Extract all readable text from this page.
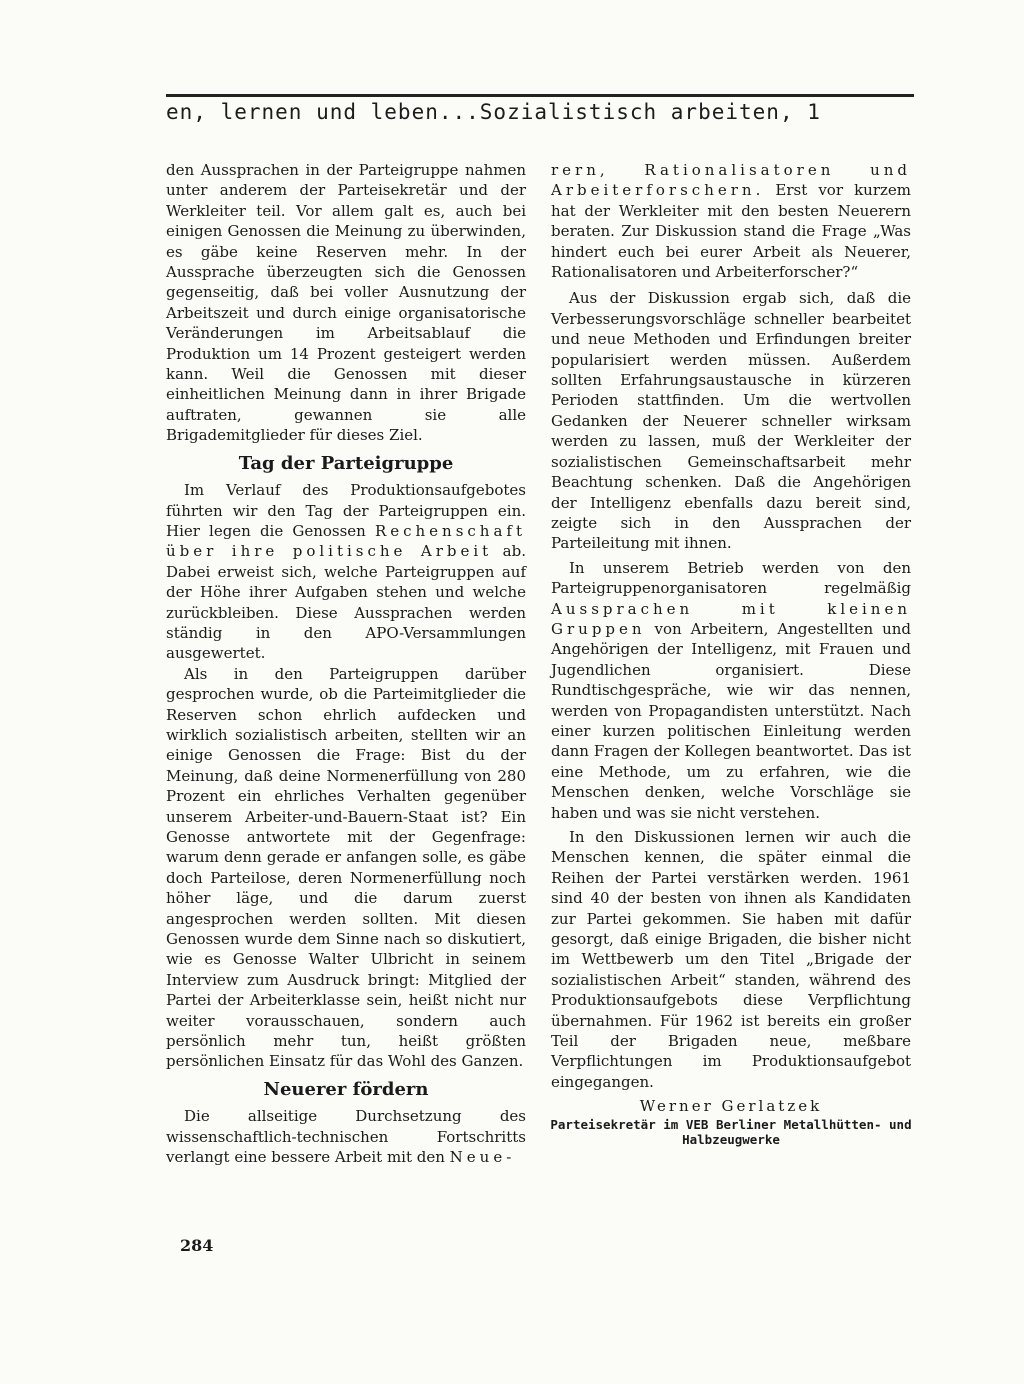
en, lernen und leben...Sozialistisch arbeiten, 1

den Aussprachen in der Parteigruppe nahmen unter anderem der Parteisekretär und der Werkleiter teil. Vor allem galt es, auch bei einigen Genossen die Meinung zu überwinden, es gäbe keine Reserven mehr. In der Aussprache überzeugten sich die Genossen gegenseitig, daß bei voller Ausnutzung der Arbeitszeit und durch einige organisatorische Veränderungen im Arbeitsablauf die Produktion um 14 Prozent gesteigert werden kann. Weil die Genossen mit dieser einheitlichen Meinung dann in ihrer Brigade auftraten, gewannen sie alle Brigademitglieder für dieses Ziel.

Tag der Parteigruppe

Im Verlauf des Produktionsaufgebotes führten wir den Tag der Parteigruppen ein. Hier legen die Genossen Rechenschaft über ihre politische Arbeit ab. Dabei erweist sich, welche Parteigruppen auf der Höhe ihrer Aufgaben stehen und welche zurückbleiben. Diese Aussprachen werden ständig in den APO-Versammlungen ausgewertet.

Als in den Parteigruppen darüber gesprochen wurde, ob die Parteimitglieder die Reserven schon ehrlich aufdecken und wirklich sozialistisch arbeiten, stellten wir an einige Genossen die Frage: Bist du der Meinung, daß deine Normenerfüllung von 280 Prozent ein ehrliches Verhalten gegenüber unserem Arbeiter-und-Bauern-Staat ist? Ein Genosse antwortete mit der Gegenfrage: warum denn gerade er anfangen solle, es gäbe doch Parteilose, deren Normenerfüllung noch höher läge, und die darum zuerst angesprochen werden sollten. Mit diesen Genossen wurde dem Sinne nach so diskutiert, wie es Genosse Walter Ulbricht in seinem Interview zum Ausdruck bringt: Mitglied der Partei der Arbeiterklasse sein, heißt nicht nur weiter vorausschauen, sondern auch persönlich mehr tun, heißt größten persönlichen Einsatz für das Wohl des Ganzen.

Neuerer fördern

Die allseitige Durchsetzung des wissenschaftlich-technischen Fortschritts verlangt eine bessere Arbeit mit den Neue-

rern, Rationalisatoren und Arbeiterforschern. Erst vor kurzem hat der Werkleiter mit den besten Neuerern beraten. Zur Diskussion stand die Frage „Was hindert euch bei eurer Arbeit als Neuerer, Rationalisatoren und Arbeiterforscher?“

Aus der Diskussion ergab sich, daß die Verbesserungsvorschläge schneller bearbeitet und neue Methoden und Erfindungen breiter popularisiert werden müssen. Außerdem sollten Erfahrungsaustausche in kürzeren Perioden stattfinden. Um die wertvollen Gedanken der Neuerer schneller wirksam werden zu lassen, muß der Werkleiter der sozialistischen Gemeinschaftsarbeit mehr Beachtung schenken. Daß die Angehörigen der Intelligenz ebenfalls dazu bereit sind, zeigte sich in den Aussprachen der Parteileitung mit ihnen.

In unserem Betrieb werden von den Parteigruppenorganisatoren regelmäßig Aussprachen mit kleinen Gruppen von Arbeitern, Angestellten und Angehörigen der Intelligenz, mit Frauen und Jugendlichen organisiert. Diese Rundtischgespräche, wie wir das nennen, werden von Propagandisten unterstützt. Nach einer kurzen politischen Einleitung werden dann Fragen der Kollegen beantwortet. Das ist eine Methode, um zu erfahren, wie die Menschen denken, welche Vorschläge sie haben und was sie nicht verstehen.

In den Diskussionen lernen wir auch die Menschen kennen, die später einmal die Reihen der Partei verstärken werden. 1961 sind 40 der besten von ihnen als Kandidaten zur Partei gekommen. Sie haben mit dafür gesorgt, daß einige Brigaden, die bisher nicht im Wettbewerb um den Titel „Brigade der sozialistischen Arbeit“ standen, während des Produktionsaufgebots diese Verpflichtung übernahmen. Für 1962 ist bereits ein großer Teil der Brigaden neue, meßbare Verpflichtungen im Produktionsaufgebot eingegangen.

Werner Gerlatzek
Parteisekretär im VEB Berliner Metallhütten- und Halbzeugwerke
284
